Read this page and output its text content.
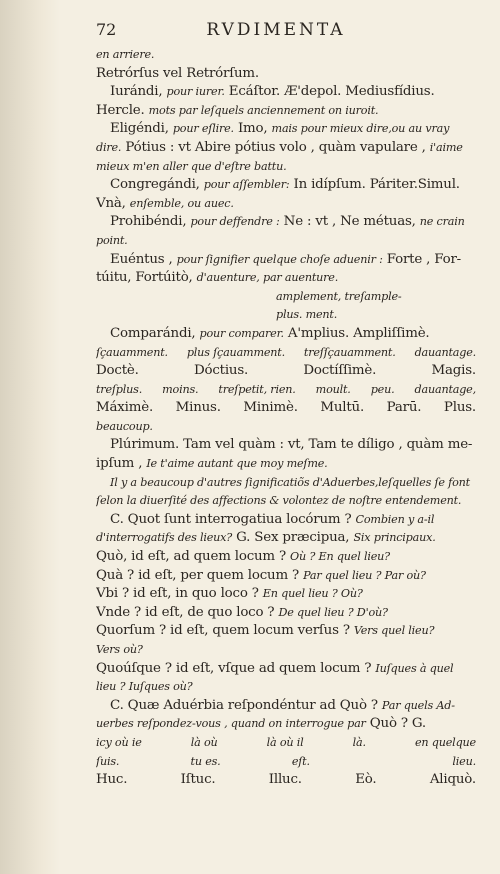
72	RVDIMENTA
en arriere.
Retrórſus vel Retrórſum.
Iurándi, pour iurer. Ecáſtor. Æ'depol. Mediusfídius.
Hercle. mots par leſquels anciennement on iuroit.
Eligéndi, pour eſlire. Imo, mais pour mieux dire,ou au vray
dire. Pótius : vt Abire pótius volo , quàm vapulare , i'aime
mieux m'en aller que d'eſtre battu.
Congregándi, pour aſſembler: In idípſum. Páriter.Simul.
Vnà, enſemble, ou auec.
Prohibéndi, pour deffendre : Ne : vt , Ne métuas, ne crain
point.
Euéntus , pour ſignifier quelque choſe aduenir : Forte , For-
túitu, Fortúitò, d'auenture, par auenture.
amplement, treſample-
plus. ment.
Comparándi, pour comparer. A'mplius. Ampliſſimè.
ſçauamment. plus ſçauamment. treſſçauamment. dauantage.
Doctè.	Dóctius.	Doctíſſimè.	Magis.
treſplus. moins. treſpetit, rien. moult. peu. dauantage,
Máximè. Minus. Minimè. Multū. Parū. Plus.
beaucoup.
Plúrimum. Tam vel quàm : vt, Tam te díligo , quàm me-
ipſum , Ie t'aime autant que moy meſme.
Il y a beaucoup d'autres ſignificatiõs d'Aduerbes,leſquelles ſe font
ſelon la diuerſité des affections & volontez de noſtre entendement.
C. Quot ſunt interrogatiua locórum ? Combien y a-il
d'interrogatifs des lieux? G. Sex præcipua, Six principaux.
Quò, id eſt, ad quem locum ? Où ? En quel lieu?
Quà ? id eſt, per quem locum ? Par quel lieu ? Par où?
Vbi ? id eſt, in quo loco ? En quel lieu ? Où?
Vnde ? id eſt, de quo loco ? De quel lieu ? D'où?
Quorſum ? id eſt, quem locum verſus ? Vers quel lieu?
Vers où?
Quoúſque ? id eſt, vſque ad quem locum ? Iuſques à quel
lieu ? Iuſques où?
C. Quæ Aduérbia reſpondéntur ad Quò ? Par quels Ad-
uerbes reſpondez-vous , quand on interrogue par Quò ? G.
icy où ie	là où	là où il	là.	en quelque
ſuis.	tu es.	eſt.	lieu.
Huc.	Iſtuc.	Illuc.	Eò.	Aliquò.
